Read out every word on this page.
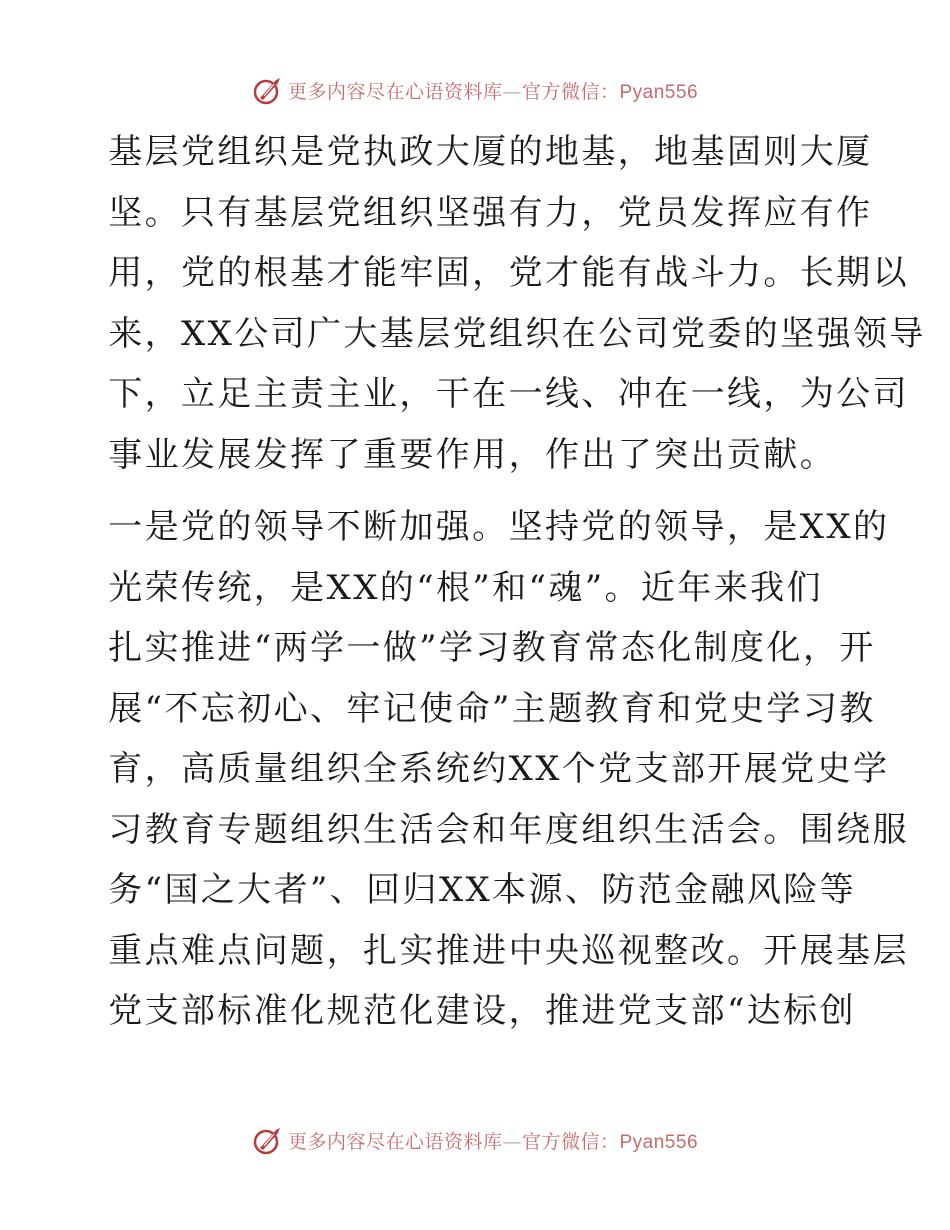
更多内容尽在心语资料库—官方微信：Pyan556

基层党组织是党执政大厦的地基，地基固则大厦
坚。只有基层党组织坚强有力，党员发挥应有作
用，党的根基才能牢固，党才能有战斗力。长期以
来，XX公司广大基层党组织在公司党委的坚强领导
下，立足主责主业，干在一线、冲在一线，为公司
事业发展发挥了重要作用，作出了突出贡献。

一是党的领导不断加强。坚持党的领导，是XX的
光荣传统，是XX的“根”和“魂”。近年来我们
扎实推进“两学一做”学习教育常态化制度化，开
展“不忘初心、牢记使命”主题教育和党史学习教
育，高质量组织全系统约XX个党支部开展党史学
习教育专题组织生活会和年度组织生活会。围绕服
务“国之大者”、回归XX本源、防范金融风险等
重点难点问题，扎实推进中央巡视整改。开展基层
党支部标准化规范化建设，推进党支部“达标创

更多内容尽在心语资料库—官方微信：Pyan556
